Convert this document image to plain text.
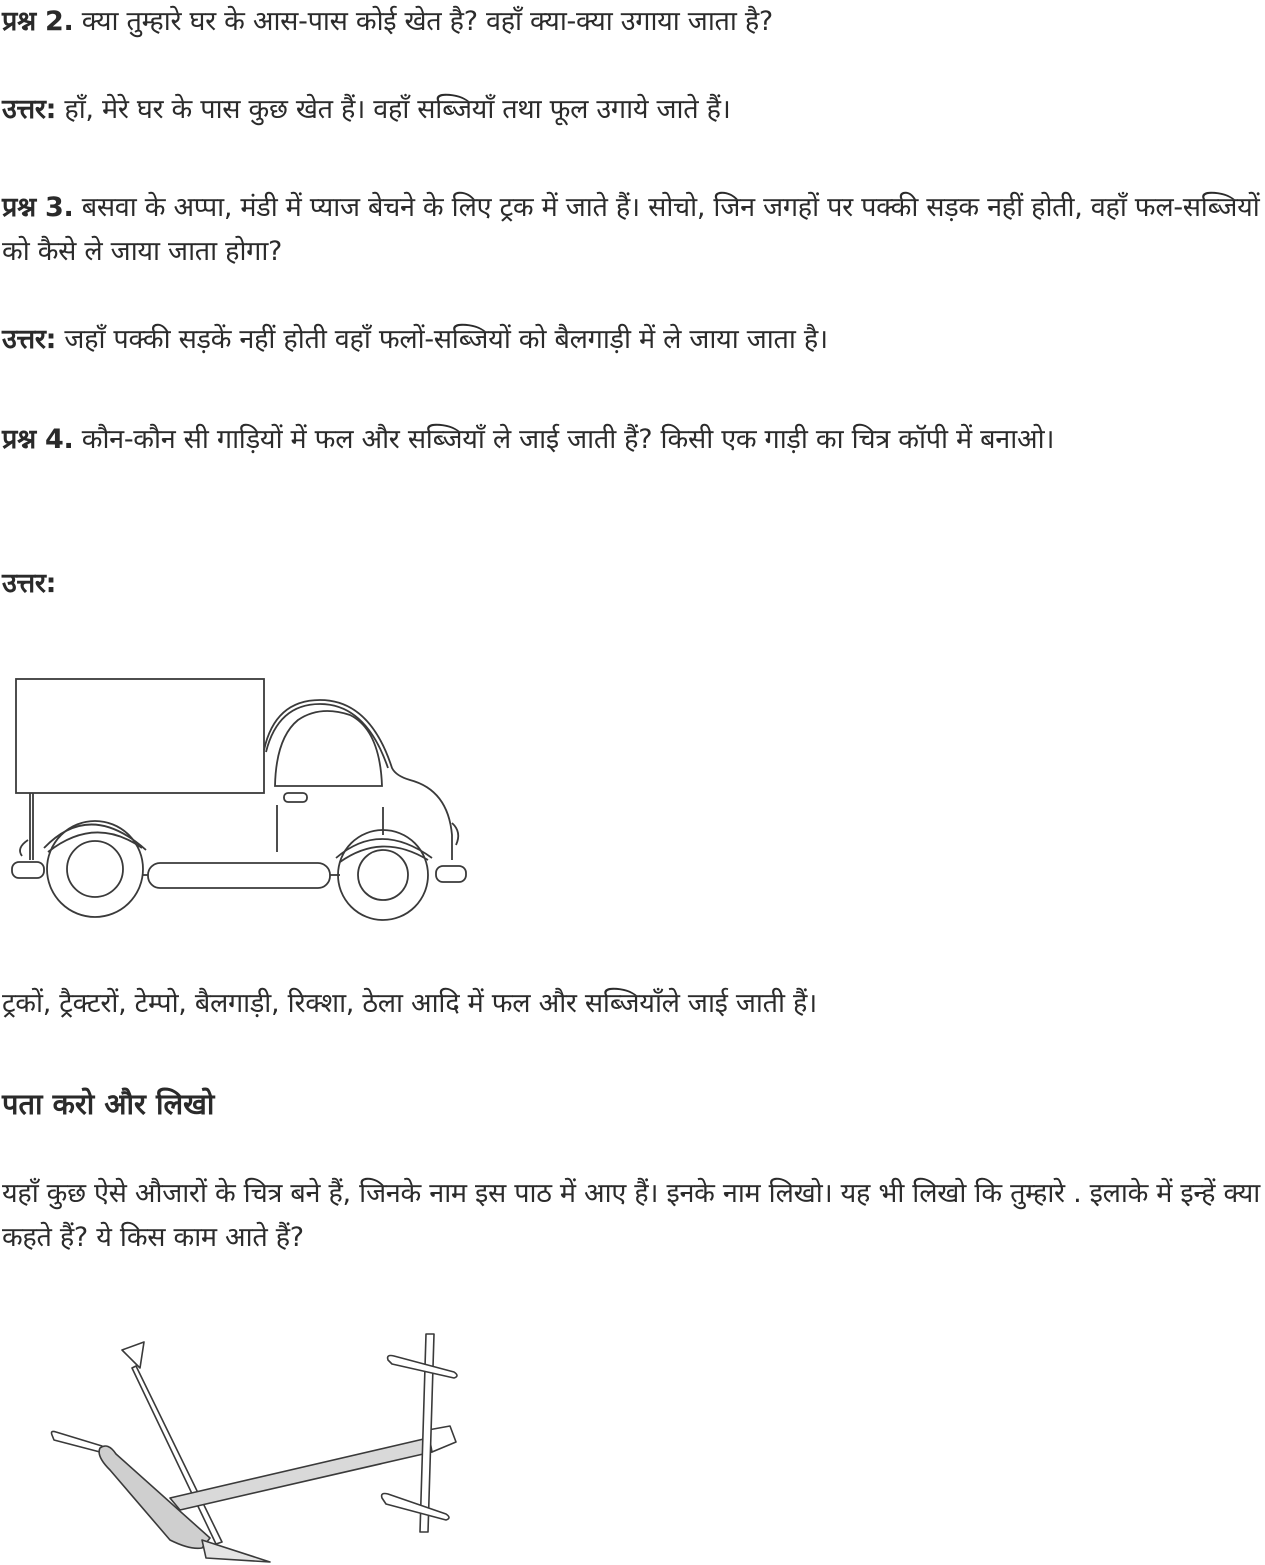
प्रश्न 2. क्या तुम्हारे घर के आस-पास कोई खेत है? वहाँ क्या-क्या उगाया जाता है?
उत्तर: हाँ, मेरे घर के पास कुछ खेत हैं। वहाँ सब्जियाँ तथा फूल उगाये जाते हैं।
प्रश्न 3. बसवा के अप्पा, मंडी में प्याज बेचने के लिए ट्रक में जाते हैं। सोचो, जिन जगहों पर पक्की सड़क नहीं होती, वहाँ फल-सब्जियों को कैसे ले जाया जाता होगा?
उत्तर: जहाँ पक्की सड़कें नहीं होती वहाँ फलों-सब्जियों को बैलगाड़ी में ले जाया जाता है।
प्रश्न 4. कौन-कौन सी गाड़ियों में फल और सब्जियाँ ले जाई जाती हैं? किसी एक गाड़ी का चित्र कॉपी में बनाओ।
उत्तर:
ट्रकों, ट्रैक्टरों, टेम्पो, बैलगाड़ी, रिक्शा, ठेला आदि में फल और सब्जियाँले जाई जाती हैं।
पता करो और लिखो
यहाँ कुछ ऐसे औजारों के चित्र बने हैं, जिनके नाम इस पाठ में आए हैं। इनके नाम लिखो। यह भी लिखो कि तुम्हारे . इलाके में इन्हें क्या कहते हैं? ये किस काम आते हैं?
